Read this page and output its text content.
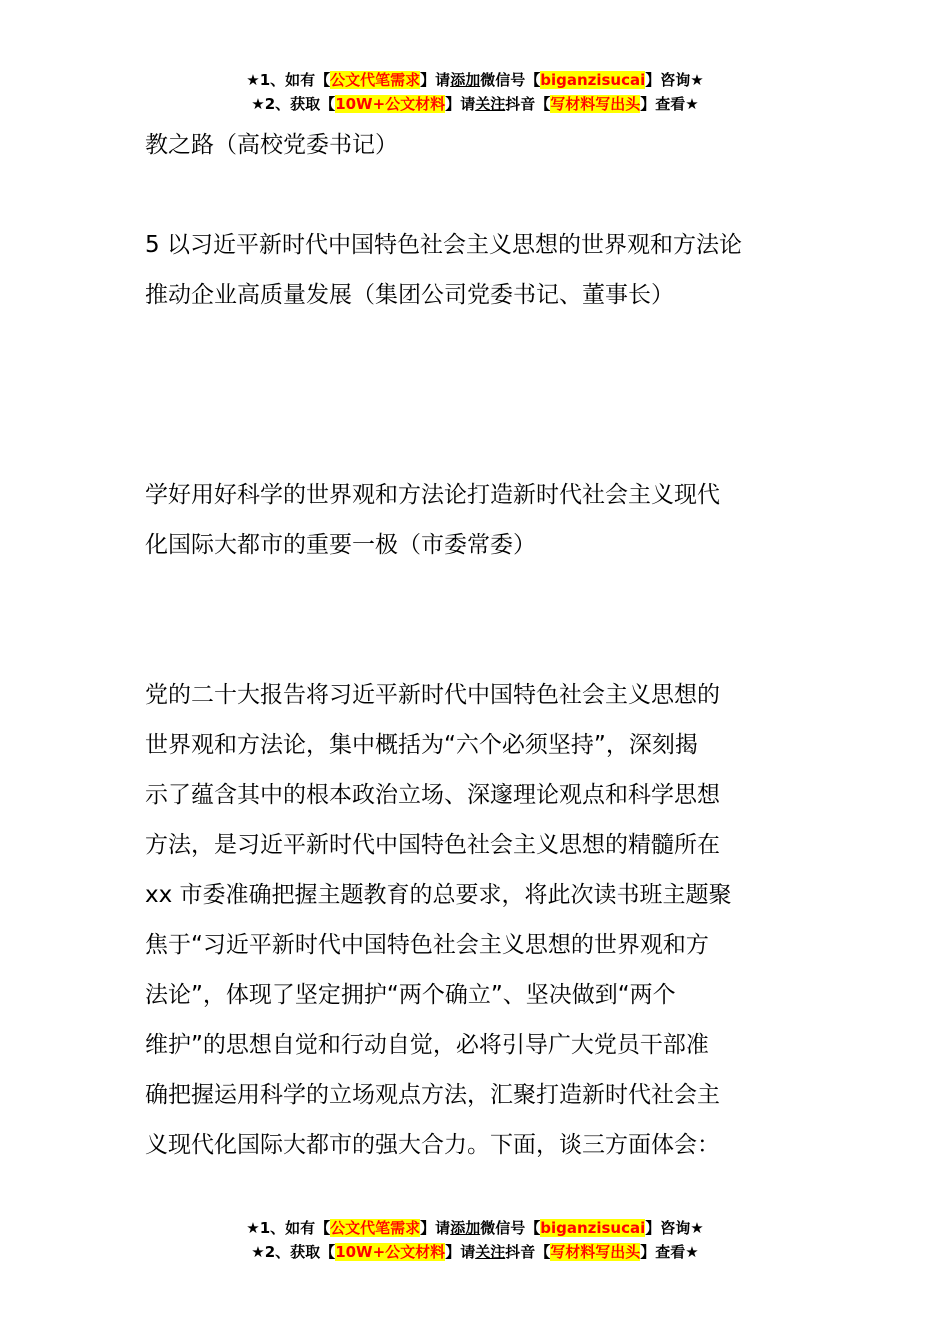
★1、如有【公文代笔需求】请添加微信号【biganzisucai】咨询★
★2、获取【10W+公文材料】请关注抖音【写材料写出头】查看★

教之路（高校党委书记）

5 以习近平新时代中国特色社会主义思想的世界观和方法论

推动企业高质量发展（集团公司党委书记、董事长）

学好用好科学的世界观和方法论打造新时代社会主义现代

化国际大都市的重要一极（市委常委）

党的二十大报告将习近平新时代中国特色社会主义思想的

世界观和方法论，集中概括为“六个必须坚持”，深刻揭

示了蕴含其中的根本政治立场、深邃理论观点和科学思想

方法，是习近平新时代中国特色社会主义思想的精髓所在

xx 市委准确把握主题教育的总要求，将此次读书班主题聚

焦于“习近平新时代中国特色社会主义思想的世界观和方

法论”，体现了坚定拥护“两个确立”、坚决做到“两个

维护”的思想自觉和行动自觉，必将引导广大党员干部准

确把握运用科学的立场观点方法，汇聚打造新时代社会主

义现代化国际大都市的强大合力。下面，谈三方面体会：

★1、如有【公文代笔需求】请添加微信号【biganzisucai】咨询★
★2、获取【10W+公文材料】请关注抖音【写材料写出头】查看★
